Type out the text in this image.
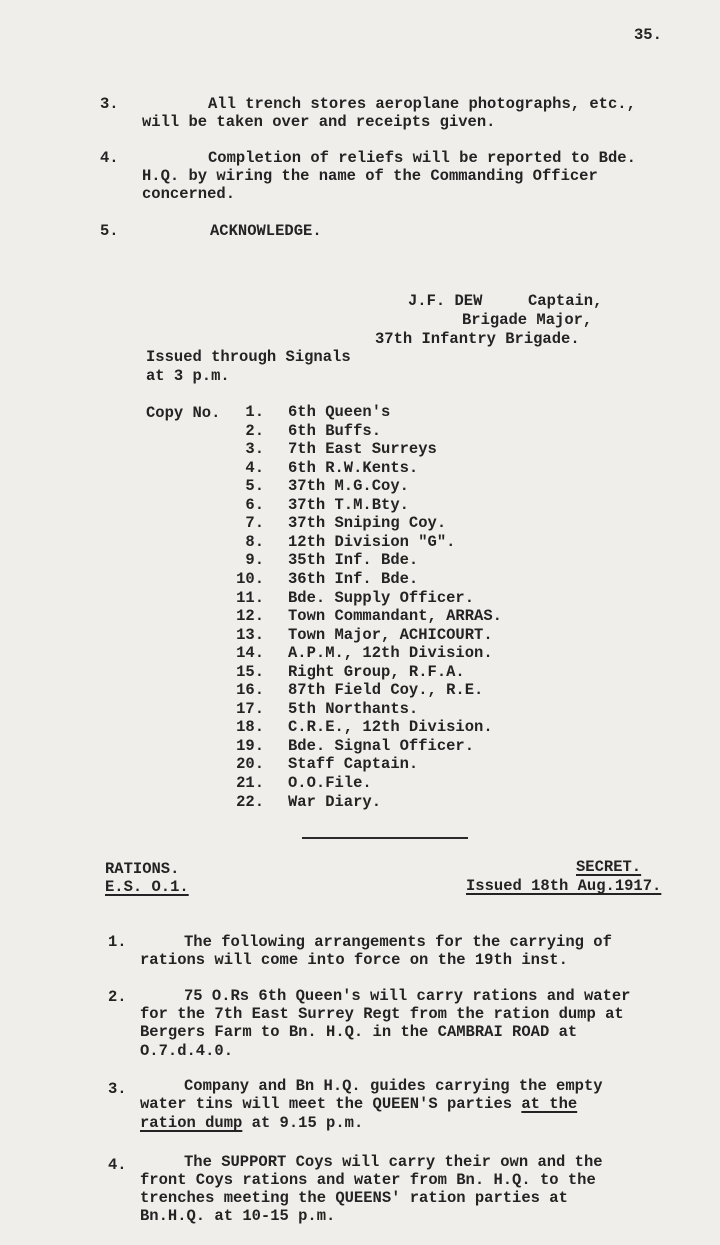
35.
3.	All trench stores aeroplane photographs, etc.,
will be taken over and receipts given.
4.	Completion of reliefs will be reported to Bde.
H.Q. by wiring the name of the Commanding Officer
concerned.
5.	ACKNOWLEDGE.
J.F. DEW	Captain,
Brigade Major,
37th Infantry Brigade.
Issued through Signals
at 3 p.m.
Copy No. 1. 6th Queen's
2. 6th Buffs.
3. 7th East Surreys
4. 6th R.W.Kents.
5. 37th M.G.Coy.
6. 37th T.M.Bty.
7. 37th Sniping Coy.
8. 12th Division "G".
9. 35th Inf. Bde.
10. 36th Inf. Bde.
11. Bde. Supply Officer.
12. Town Commandant, ARRAS.
13. Town Major, ACHICOURT.
14. A.P.M., 12th Division.
15. Right Group, R.F.A.
16. 87th Field Coy., R.E.
17. 5th Northants.
18. C.R.E., 12th Division.
19. Bde. Signal Officer.
20. Staff Captain.
21. O.O.File.
22. War Diary.
RATIONS.
E.S. O.1.
SECRET.
Issued 18th Aug.1917.
1.	The following arrangements for the carrying of
rations will come into force on the 19th inst.
2.	75 O.Rs 6th Queen's will carry rations and water
for the 7th East Surrey Regt from the ration dump at
Bergers Farm to Bn. H.Q. in the CAMBRAI ROAD at
O.7.d.4.0.
3.	Company and Bn H.Q. guides carrying the empty
water tins will meet the QUEEN'S parties at the
ration dump at 9.15 p.m.
4.	The SUPPORT Coys will carry their own and the
front Coys rations and water from Bn. H.Q. to the
trenches meeting the QUEENS' ration parties at
Bn.H.Q. at 10-15 p.m.
